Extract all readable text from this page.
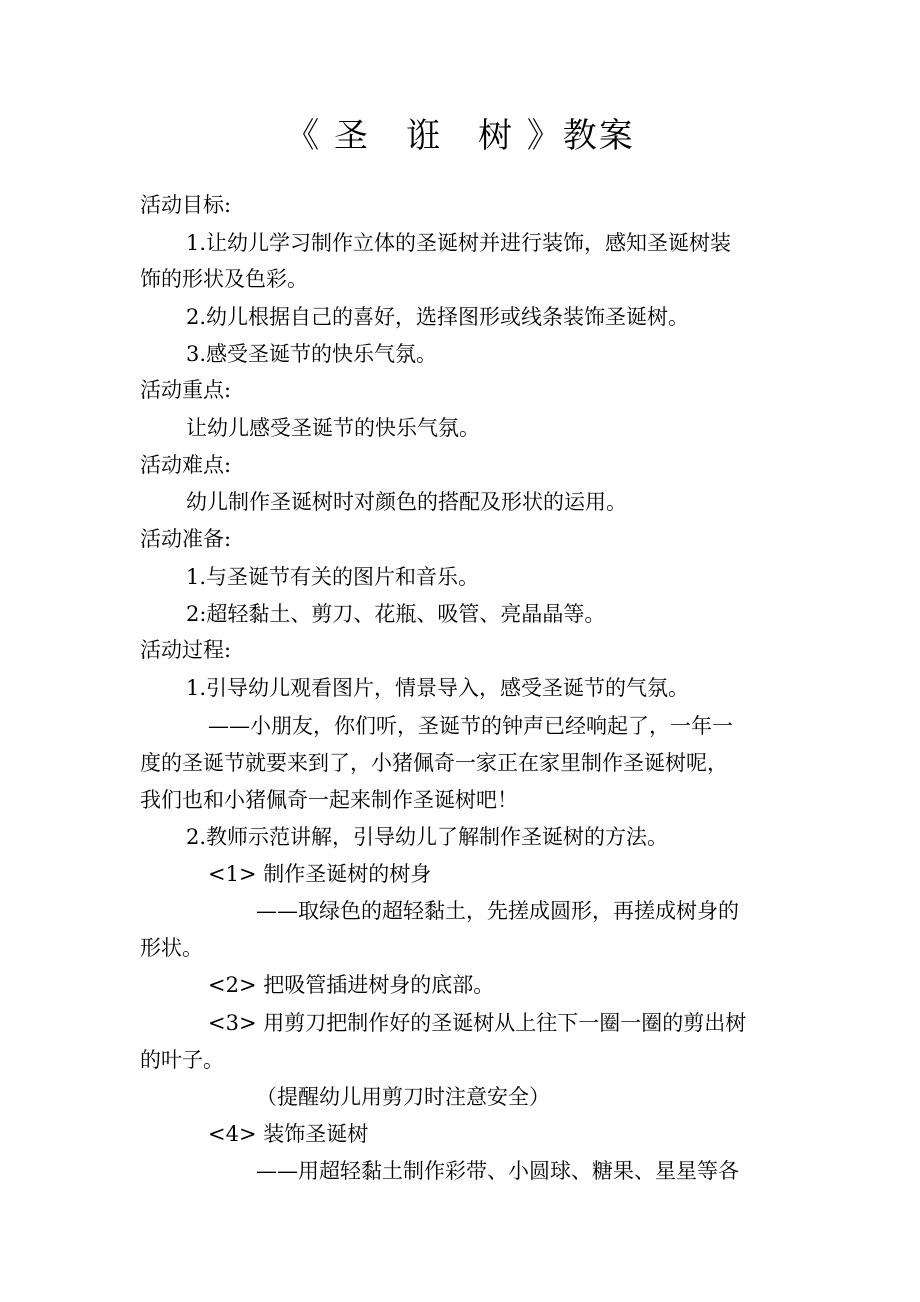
《 圣　诳　树 》教案
活动目标:
1.让幼儿学习制作立体的圣诞树并进行装饰，感知圣诞树装
饰的形状及色彩。
2.幼儿根据自己的喜好，选择图形或线条装饰圣诞树。
3.感受圣诞节的快乐气氛。
活动重点:
让幼儿感受圣诞节的快乐气氛。
活动难点:
幼儿制作圣诞树时对颜色的搭配及形状的运用。
活动准备:
1.与圣诞节有关的图片和音乐。
2:超轻黏土、剪刀、花瓶、吸管、亮晶晶等。
活动过程:
1.引导幼儿观看图片，情景导入，感受圣诞节的气氛。
——小朋友，你们听，圣诞节的钟声已经响起了，一年一
度的圣诞节就要来到了，小猪佩奇一家正在家里制作圣诞树呢，
我们也和小猪佩奇一起来制作圣诞树吧！
2.教师示范讲解，引导幼儿了解制作圣诞树的方法。
<1> 制作圣诞树的树身
——取绿色的超轻黏土，先搓成圆形，再搓成树身的
形状。
<2> 把吸管插进树身的底部。
<3> 用剪刀把制作好的圣诞树从上往下一圈一圈的剪出树
的叶子。
（提醒幼儿用剪刀时注意安全）
<4> 装饰圣诞树
——用超轻黏土制作彩带、小圆球、糖果、星星等各
